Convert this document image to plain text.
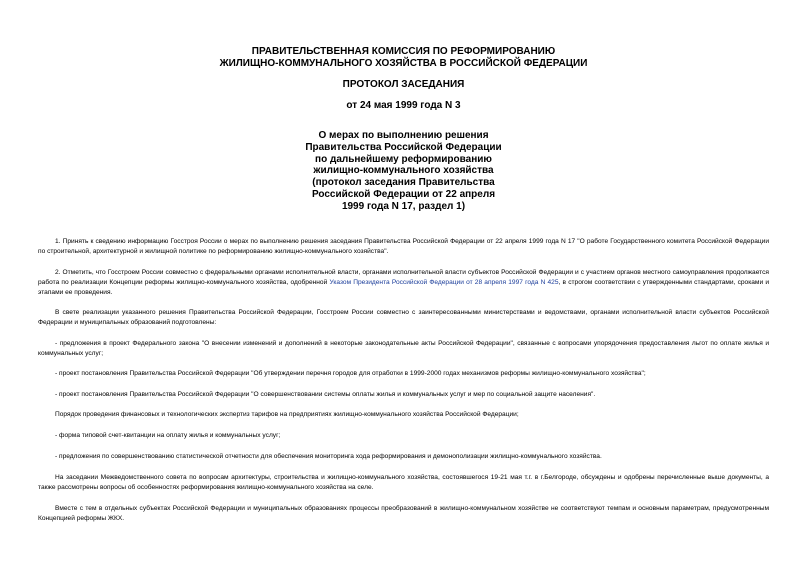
ПРАВИТЕЛЬСТВЕННАЯ КОМИССИЯ ПО РЕФОРМИРОВАНИЮ
ЖИЛИЩНО-КОММУНАЛЬНОГО ХОЗЯЙСТВА В РОССИЙСКОЙ ФЕДЕРАЦИИ
ПРОТОКОЛ ЗАСЕДАНИЯ
от 24 мая 1999 года N 3
О мерах по выполнению решения
Правительства Российской Федерации
по дальнейшему реформированию
жилищно-коммунального хозяйства
(протокол заседания Правительства
Российской Федерации от 22 апреля
1999 года N 17, раздел 1)

1. Принять к сведению информацию Госстроя России о мерах по выполнению решения заседания Правительства Российской Федерации от 22 апреля 1999 года N 17 "О работе Государственного комитета Российской Федерации по строительной, архитектурной и жилищной политике по реформированию жилищно-коммунального хозяйства".

2. Отметить, что Госстроем России совместно с федеральными органами исполнительной власти, органами исполнительной власти субъектов Российской Федерации и с участием органов местного самоуправления продолжается работа по реализации Концепции реформы жилищно-коммунального хозяйства, одобренной Указом Президента Российской Федерации от 28 апреля 1997 года N 425, в строгом соответствии с утвержденными стандартами, сроками и этапами ее проведения.

В свете реализации указанного решения Правительства Российской Федерации, Госстроем России совместно с заинтересованными министерствами и ведомствами, органами исполнительной власти субъектов Российской Федерации и муниципальных образований подготовлены:

- предложения в проект Федерального закона "О внесении изменений и дополнений в некоторые законодательные акты Российской Федерации", связанные с вопросами упорядочения предоставления льгот по оплате жилья и коммунальных услуг;

- проект постановления Правительства Российской Федерации "Об утверждении перечня городов для отработки в 1999-2000 годах механизмов реформы жилищно-коммунального хозяйства";

- проект постановления Правительства Российской Федерации "О совершенствовании системы оплаты жилья и коммунальных услуг и мер по социальной защите населения".

Порядок проведения финансовых и технологических экспертиз тарифов на предприятиях жилищно-коммунального хозяйства Российской Федерации;

- форма типовой счет-квитанции на оплату жилья и коммунальных услуг;

- предложения по совершенствованию статистической отчетности для обеспечения мониторинга хода реформирования и демонополизации жилищно-коммунального хозяйства.

На заседании Межведомственного совета по вопросам архитектуры, строительства и жилищно-коммунального хозяйства, состоявшегося 19-21 мая т.г. в г.Белгороде, обсуждены и одобрены перечисленные выше документы, а также рассмотрены вопросы об особенностях реформирования жилищно-коммунального хозяйства на селе.

Вместе с тем в отдельных субъектах Российской Федерации и муниципальных образованиях процессы преобразований в жилищно-коммунальном хозяйстве не соответствуют темпам и основным параметрам, предусмотренным Концепцией реформы ЖКХ.
